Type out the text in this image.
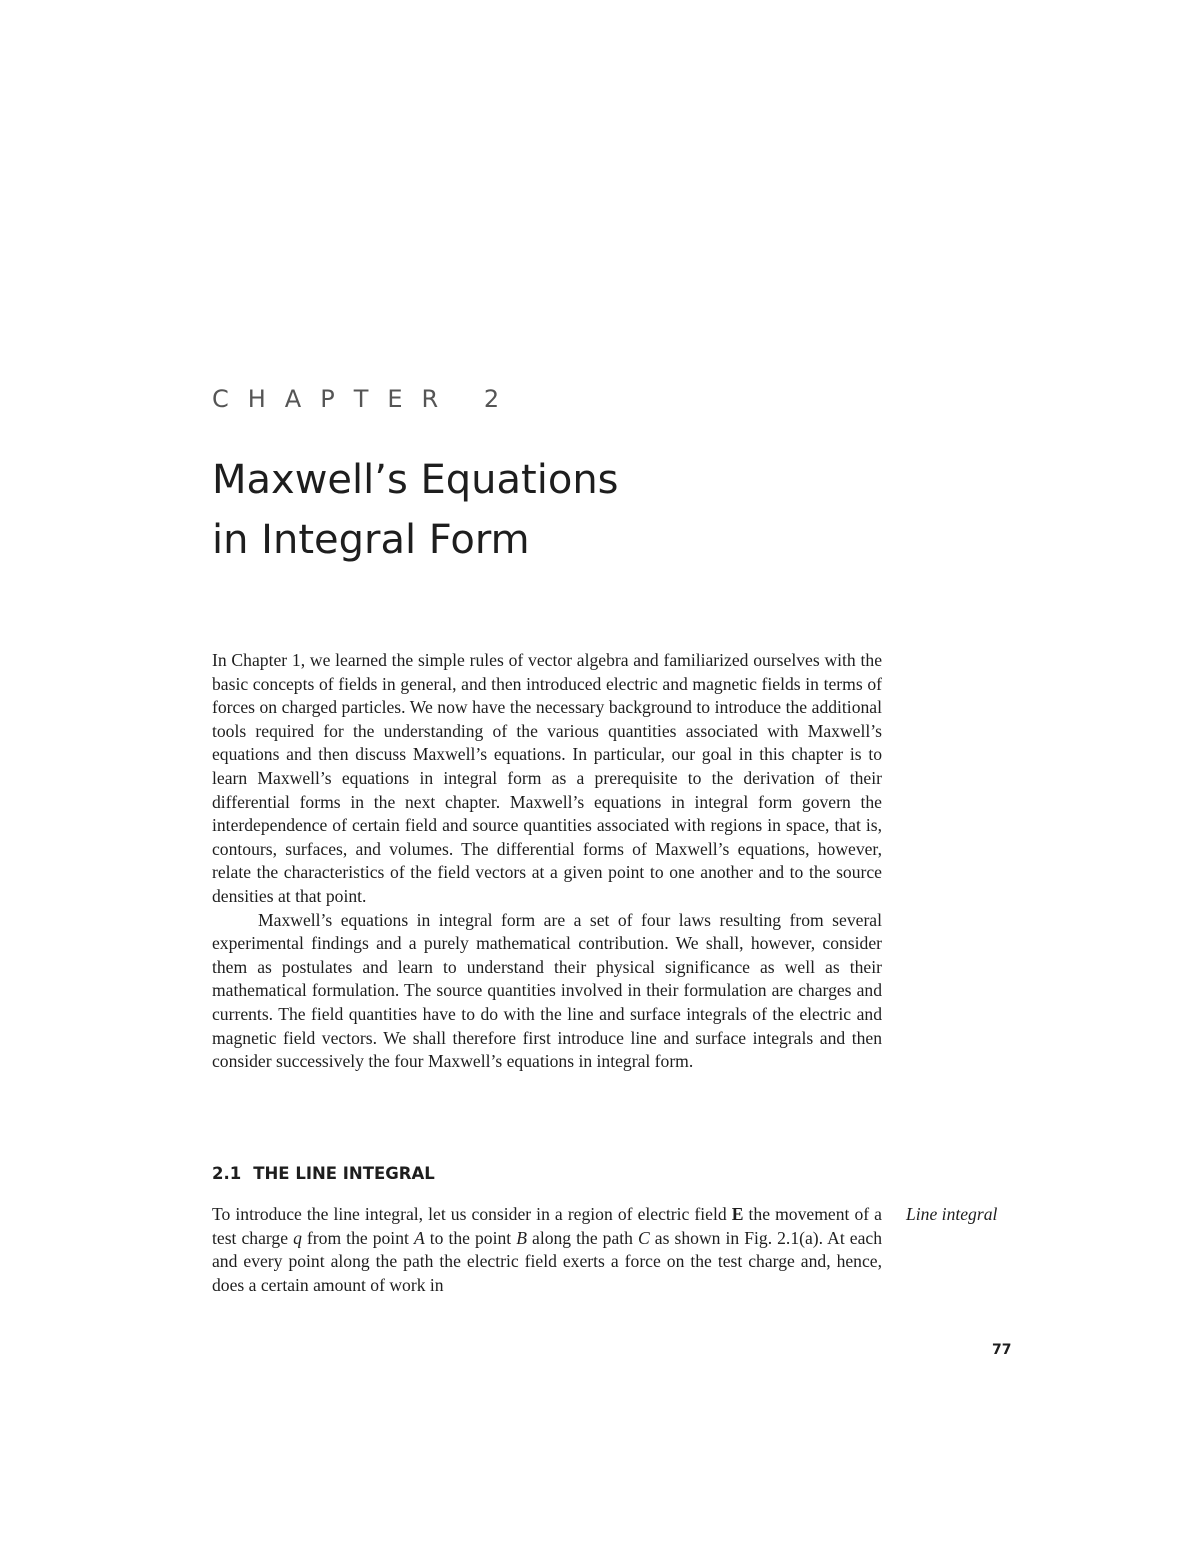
CHAPTER 2
Maxwell’s Equations
in Integral Form

In Chapter 1, we learned the simple rules of vector algebra and familiarized ourselves with the basic concepts of fields in general, and then introduced electric and magnetic fields in terms of forces on charged particles. We now have the necessary background to introduce the additional tools required for the understanding of the various quantities associated with Maxwell’s equations and then discuss Maxwell’s equations. In particular, our goal in this chapter is to learn Maxwell’s equations in integral form as a prerequisite to the derivation of their differential forms in the next chapter. Maxwell’s equations in integral form govern the interdependence of certain field and source quantities associated with regions in space, that is, contours, surfaces, and volumes. The differential forms of Maxwell’s equations, however, relate the characteristics of the field vectors at a given point to one another and to the source densities at that point.

Maxwell’s equations in integral form are a set of four laws resulting from several experimental findings and a purely mathematical contribution. We shall, however, consider them as postulates and learn to understand their physical significance as well as their mathematical formulation. The source quantities involved in their formulation are charges and currents. The field quantities have to do with the line and surface integrals of the electric and magnetic field vectors. We shall therefore first introduce line and surface integrals and then consider successively the four Maxwell’s equations in integral form.

2.1 THE LINE INTEGRAL

To introduce the line integral, let us consider in a region of electric field E the movement of a test charge q from the point A to the point B along the path C as shown in Fig. 2.1(a). At each and every point along the path the electric field exerts a force on the test charge and, hence, does a certain amount of work in

Line integral
77
